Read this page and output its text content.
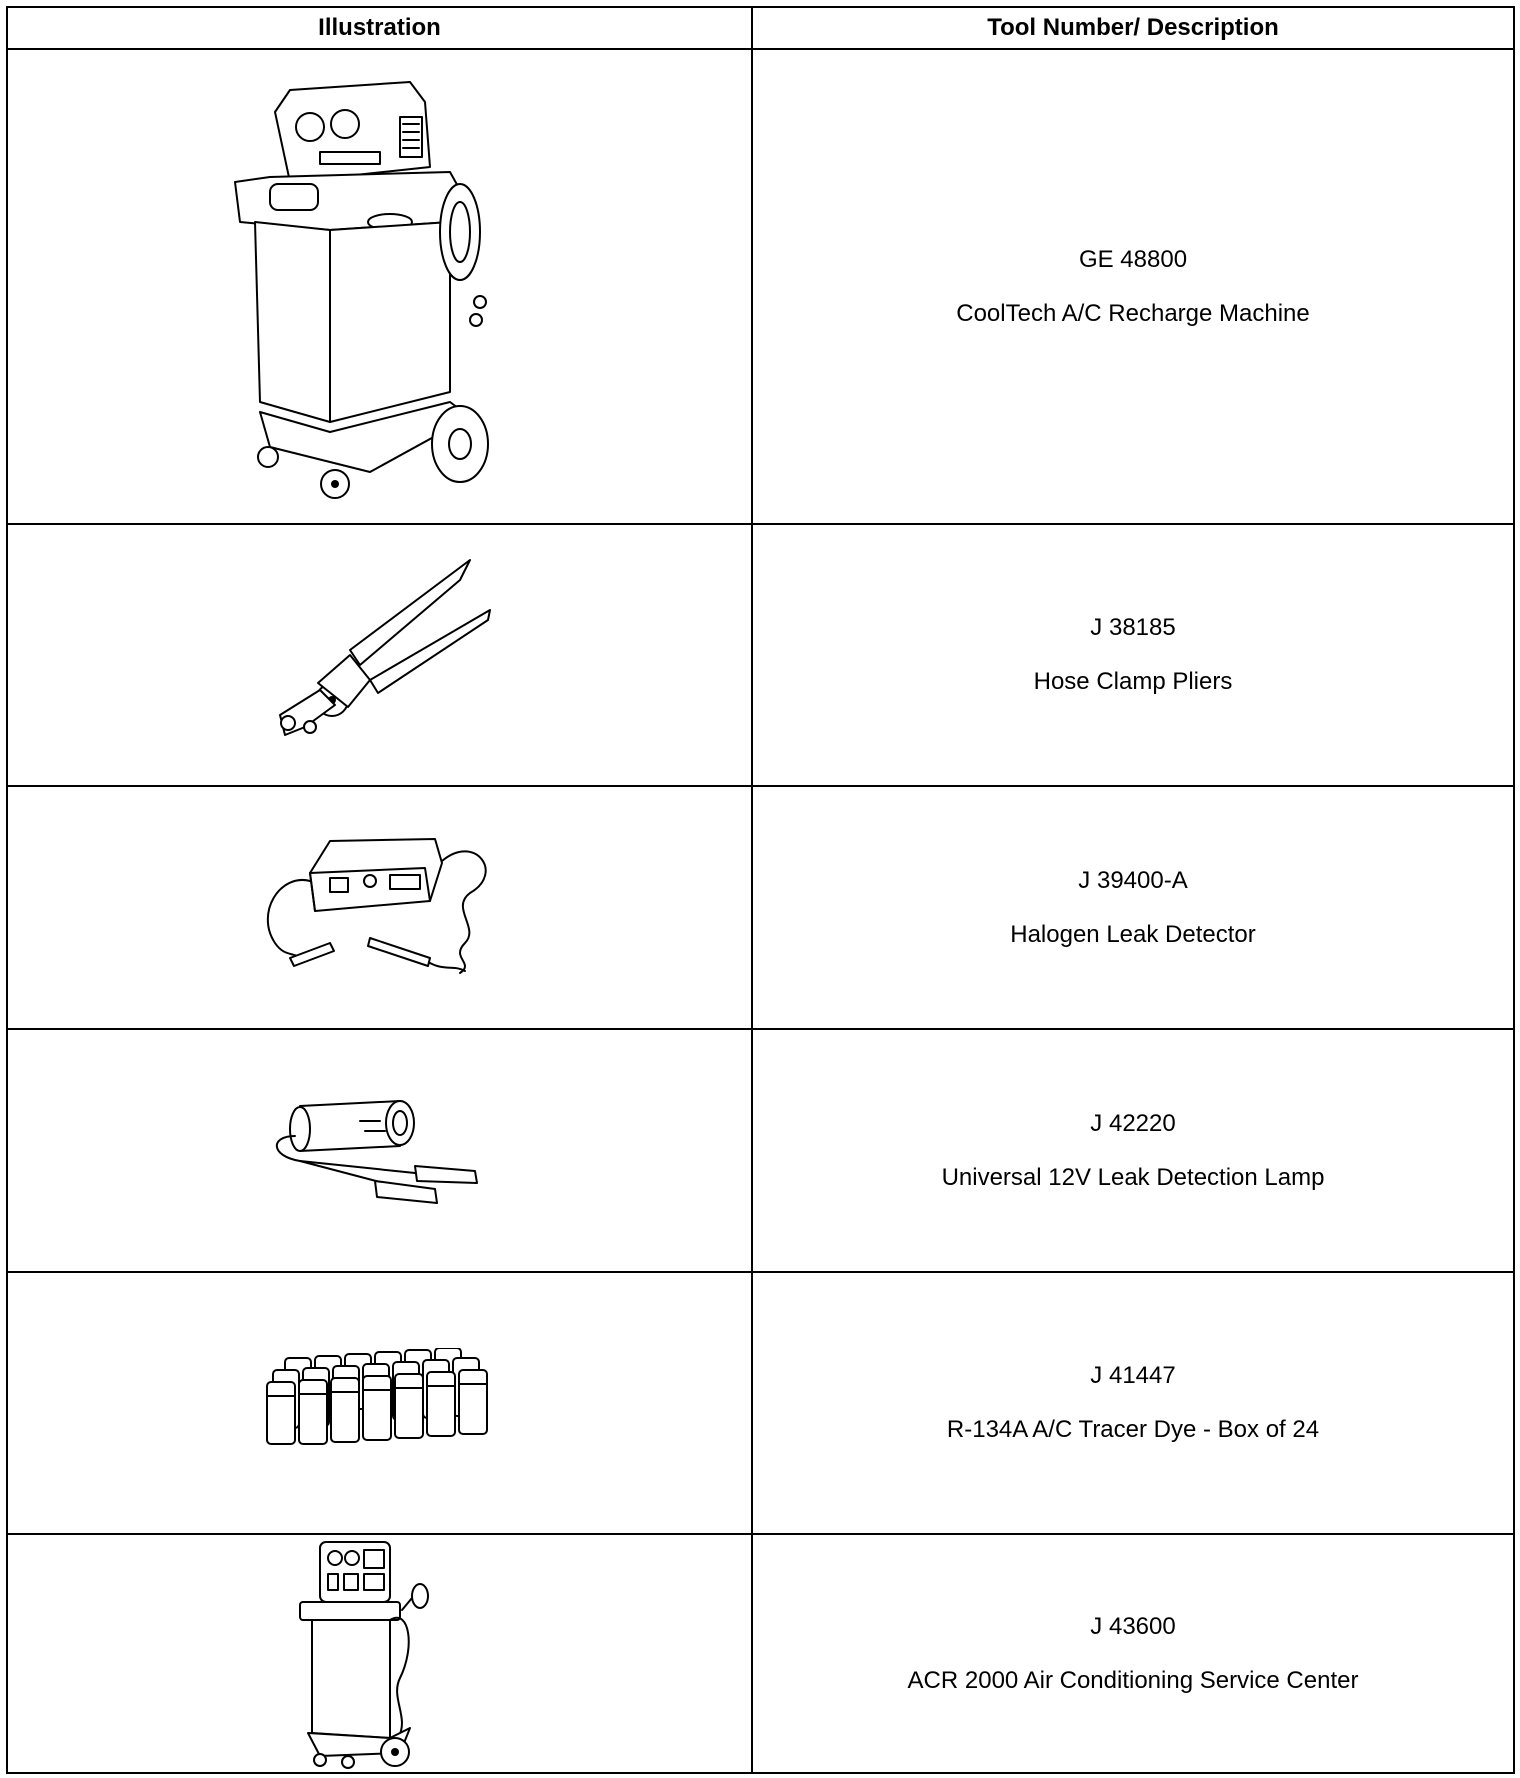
Illustration	Tool Number/ Description

GE 48800
CoolTech A/C Recharge Machine

J 38185
Hose Clamp Pliers

J 39400-A
Halogen Leak Detector

J 42220
Universal 12V Leak Detection Lamp

J 41447
R-134A A/C Tracer Dye - Box of 24

J 43600
ACR 2000 Air Conditioning Service Center
